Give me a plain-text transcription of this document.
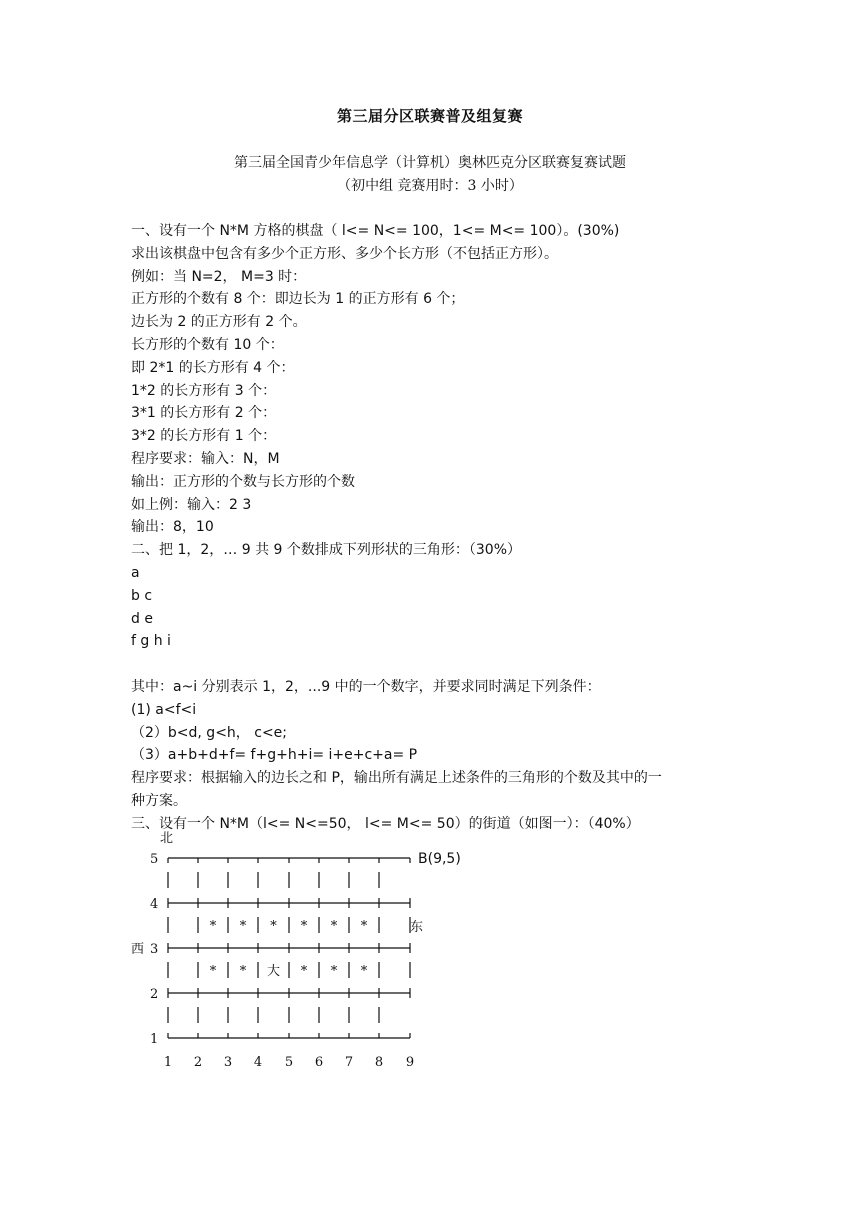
第三届分区联赛普及组复赛
第三届全国青少年信息学（计算机）奥林匹克分区联赛复赛试题
（初中组 竞赛用时：3 小时）
一、设有一个 N*M 方格的棋盘（ l<= N<= 100，1<= M<= 100）。(30%)
求出该棋盘中包含有多少个正方形、多少个长方形（不包括正方形）。
例如：当 N=2， M=3 时：
正方形的个数有 8 个：即边长为 1 的正方形有 6 个；
边长为 2 的正方形有 2 个。
长方形的个数有 10 个：
即 2*1 的长方形有 4 个：
1*2 的长方形有 3 个：
3*1 的长方形有 2 个：
3*2 的长方形有 1 个：
程序要求：输入：N，M
输出：正方形的个数与长方形的个数
如上例：输入：2 3
输出：8，10
二、把 1，2，… 9 共 9 个数排成下列形状的三角形：（30%）
a
b c
d e
f g h i
其中：a~i 分别表示 1，2，...9 中的一个数字，并要求同时满足下列条件：
(1) a<f<i
（2）b<d, g<h， c<e;
（3）a+b+d+f= f+g+h+i= i+e+c+a= P
程序要求：根据输入的边长之和 P，输出所有满足上述条件的三角形的个数及其中的一
种方案。
三、设有一个 N*M（l<= N<=50， l<= M<= 50）的街道（如图一）：（40%）
北
B(9,5)
东
西
5
4
3
2
1
1 2 3 4 5 6 7 8 9
* * * * * *
* * 大 * * *
